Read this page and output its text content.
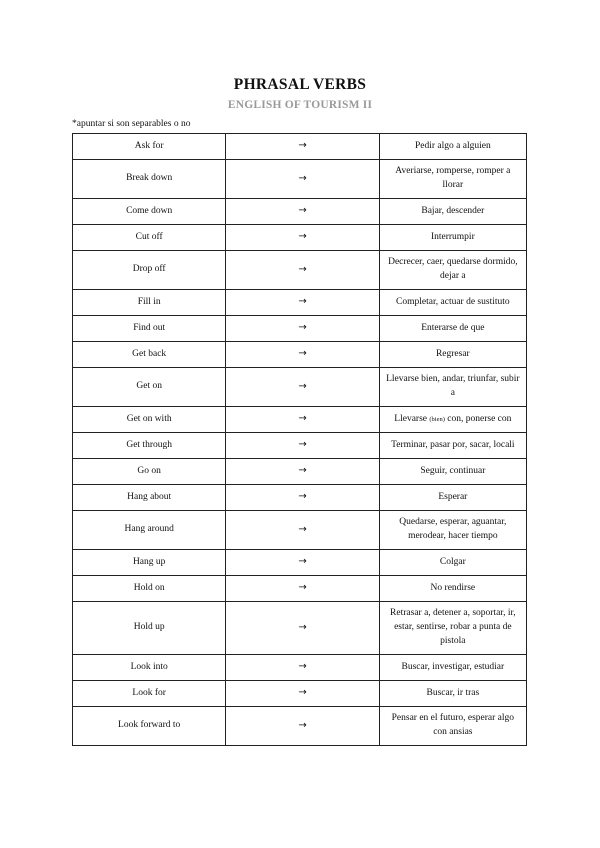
PHRASAL VERBS
ENGLISH OF TOURISM II
*apuntar si son separables o no
Ask for	→	Pedir algo a alguien
Break down	→	Averiarse, romperse, romper a llorar
Come down	→	Bajar, descender
Cut off	→	Interrumpir
Drop off	→	Decrecer, caer, quedarse dormido, dejar a
Fill in	→	Completar, actuar de sustituto
Find out	→	Enterarse de que
Get back	→	Regresar
Get on	→	Llevarse bien, andar, triunfar, subir a
Get on with	→	Llevarse (bien) con, ponerse con
Get through	→	Terminar, pasar por, sacar, locali
Go on	→	Seguir, continuar
Hang about	→	Esperar
Hang around	→	Quedarse, esperar, aguantar, merodear, hacer tiempo
Hang up	→	Colgar
Hold on	→	No rendirse
Hold up	→	Retrasar a, detener a, soportar, ir, estar, sentirse, robar a punta de pistola
Look into	→	Buscar, investigar, estudiar
Look for	→	Buscar, ir tras
Look forward to	→	Pensar en el futuro, esperar algo con ansias
